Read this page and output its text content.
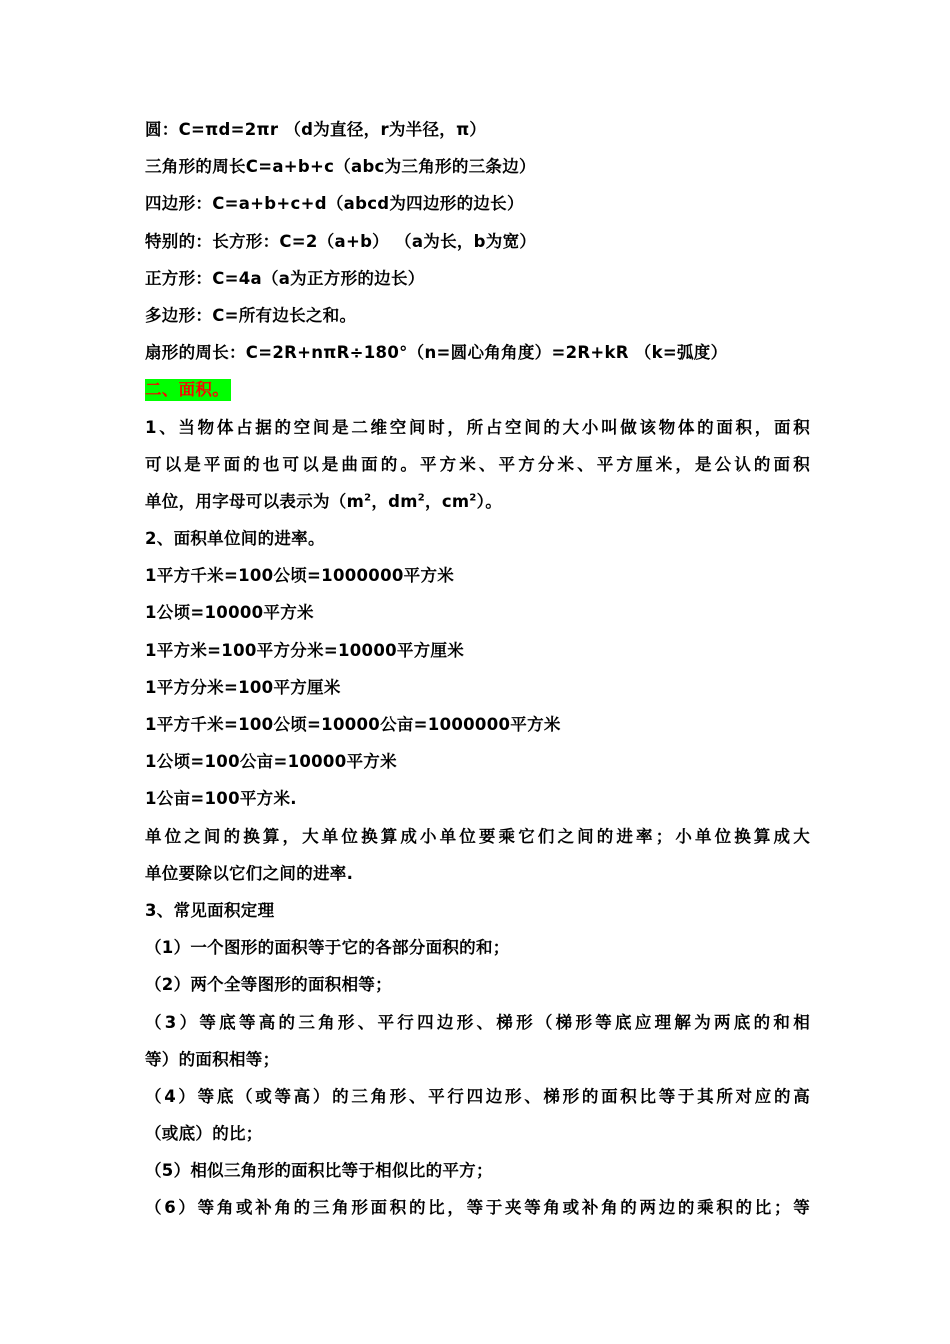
圆：C=πd=2πr （d为直径，r为半径，π）
三角形的周长C=a+b+c（abc为三角形的三条边）
四边形：C=a+b+c+d（abcd为四边形的边长）
特别的：长方形：C=2（a+b） （a为长，b为宽）
正方形：C=4a（a为正方形的边长）
多边形：C=所有边长之和。
扇形的周长：C=2R+nπR÷180°（n=圆心角角度）=2R+kR （k=弧度）
二、面积。
1、当物体占据的空间是二维空间时，所占空间的大小叫做该物体的面积，面积
可以是平面的也可以是曲面的。平方米、平方分米、平方厘米，是公认的面积
单位，用字母可以表示为（$m^2$，$dm^2$，$cm^2$）。
2、面积单位间的进率。
1平方千米=100公顷=1000000平方米
1公顷=10000平方米
1平方米=100平方分米=10000平方厘米
1平方分米=100平方厘米
1平方千米=100公顷=10000公亩=1000000平方米
1公顷=100公亩=10000平方米
1公亩=100平方米.
单位之间的换算，大单位换算成小单位要乘它们之间的进率；小单位换算成大
单位要除以它们之间的进率.
3、常见面积定理
（1）一个图形的面积等于它的各部分面积的和；
（2）两个全等图形的面积相等；
（3）等底等高的三角形、平行四边形、梯形（梯形等底应理解为两底的和相
等）的面积相等；
（4）等底（或等高）的三角形、平行四边形、梯形的面积比等于其所对应的高
（或底）的比；
（5）相似三角形的面积比等于相似比的平方；
（6）等角或补角的三角形面积的比，等于夹等角或补角的两边的乘积的比；等
